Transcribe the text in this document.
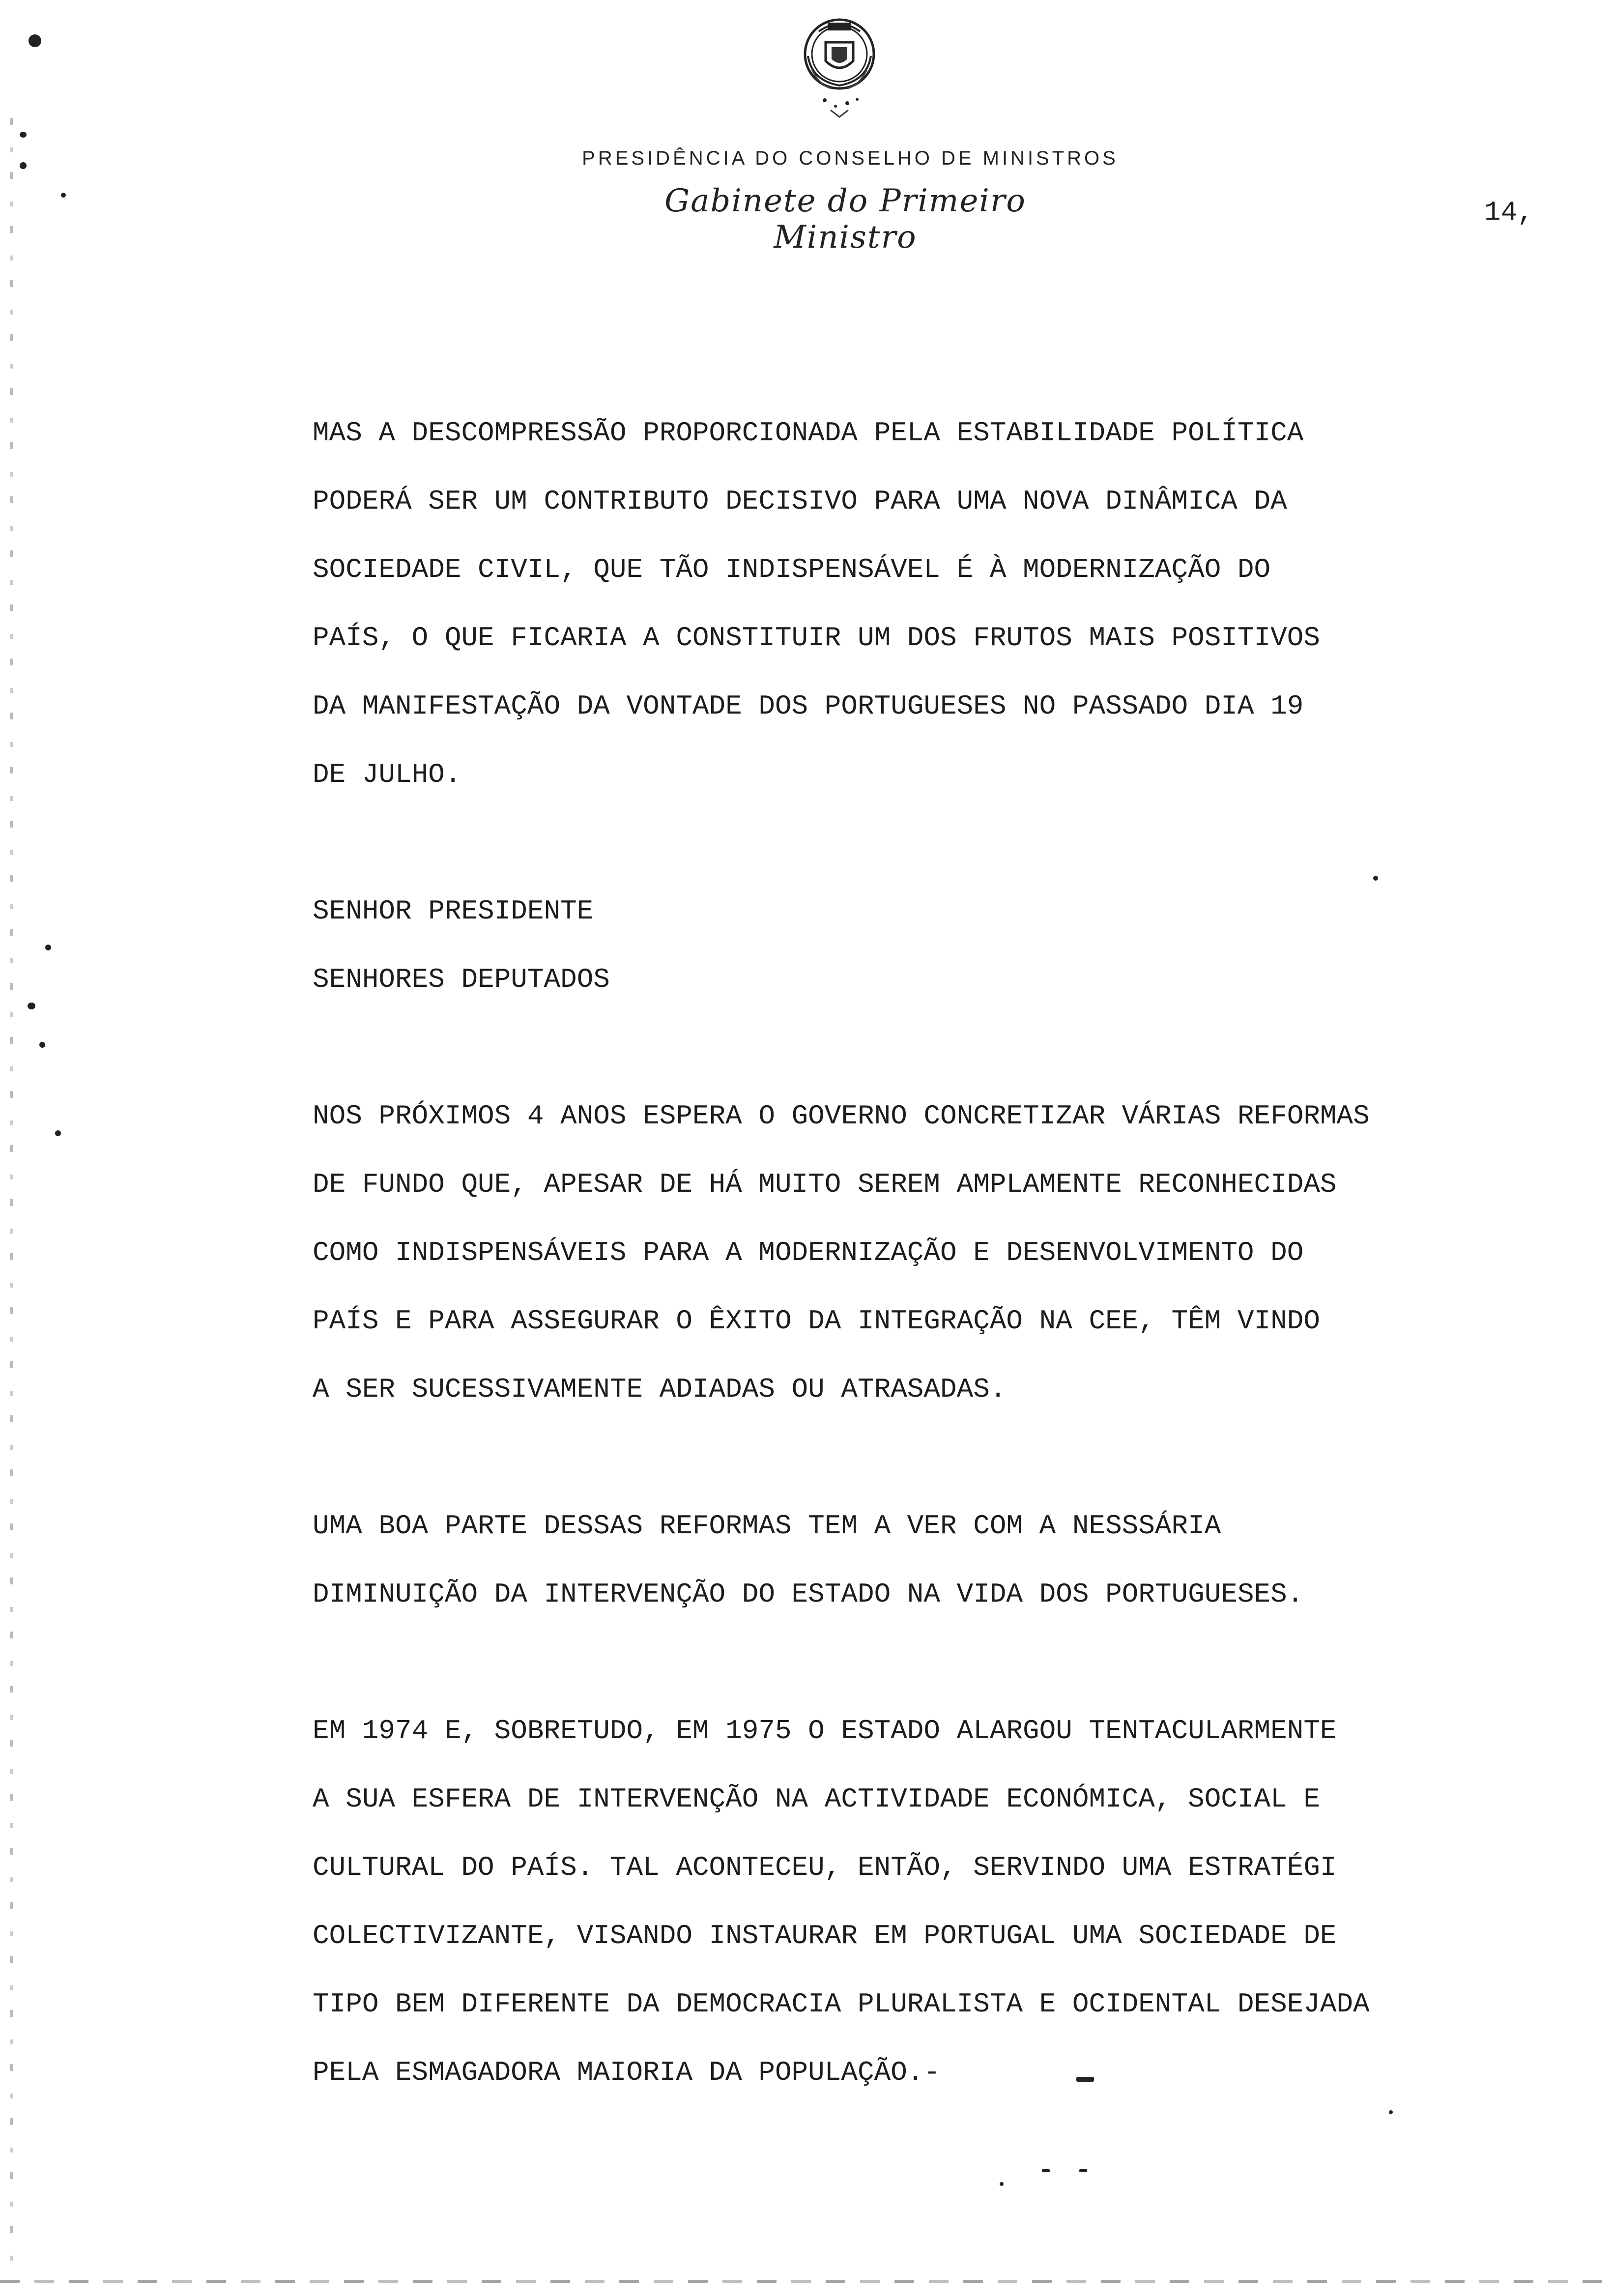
PRESIDÊNCIA DO CONSELHO DE MINISTROS
Gabinete do Primeiro Ministro
14,
MAS A DESCOMPRESSÃO PROPORCIONADA PELA ESTABILIDADE POLÍTICA
PODERÁ SER UM CONTRIBUTO DECISIVO PARA UMA NOVA DINÂMICA DA
SOCIEDADE CIVIL, QUE TÃO INDISPENSÁVEL É À MODERNIZAÇÃO DO
PAÍS, O QUE FICARIA A CONSTITUIR UM DOS FRUTOS MAIS POSITIVOS
DA MANIFESTAÇÃO DA VONTADE DOS PORTUGUESES NO PASSADO DIA 19
DE JULHO.
SENHOR PRESIDENTE
SENHORES DEPUTADOS
NOS PRÓXIMOS 4 ANOS ESPERA O GOVERNO CONCRETIZAR VÁRIAS REFORMAS
DE FUNDO QUE, APESAR DE HÁ MUITO SEREM AMPLAMENTE RECONHECIDAS
COMO INDISPENSÁVEIS PARA A MODERNIZAÇÃO E DESENVOLVIMENTO DO
PAÍS E PARA ASSEGURAR O ÊXITO DA INTEGRAÇÃO NA CEE, TÊM VINDO
A SER SUCESSIVAMENTE ADIADAS OU ATRASADAS.
UMA BOA PARTE DESSAS REFORMAS TEM A VER COM A NESSSÁRIA
DIMINUIÇÃO DA INTERVENÇÃO DO ESTADO NA VIDA DOS PORTUGUESES.
EM 1974 E, SOBRETUDO, EM 1975 O ESTADO ALARGOU TENTACULARMENTE
A SUA ESFERA DE INTERVENÇÃO NA ACTIVIDADE ECONÓMICA, SOCIAL E
CULTURAL DO PAÍS. TAL ACONTECEU, ENTÃO, SERVINDO UMA ESTRATÉGI
COLECTIVIZANTE, VISANDO INSTAURAR EM PORTUGAL UMA SOCIEDADE DE
TIPO BEM DIFERENTE DA DEMOCRACIA PLURALISTA E OCIDENTAL DESEJADA
PELA ESMAGADORA MAIORIA DA POPULAÇÃO.-
